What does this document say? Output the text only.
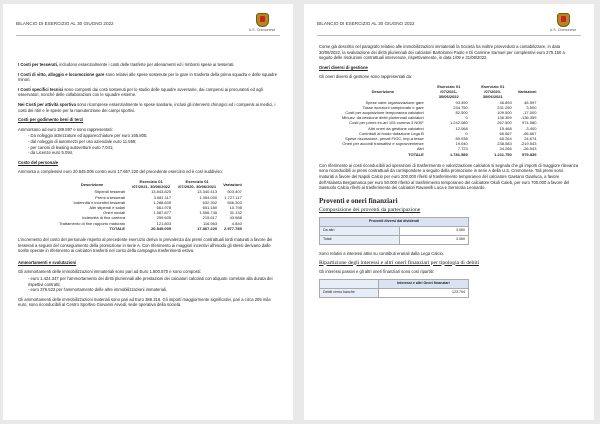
BILANCIO DI ESERCIZIO AL 30 GIUGNO 2022
U.S. Cremonese

I Costi per tesserati, includono essenzialmente i costi delle trasferte per allenamenti ed i rimborsi spese ai tesserati.

I Costi di vitto, alloggio e locomozione gare sono relativi alle spese sostenute per le gare in trasferta della prima squadra e delle squadre minori.

I Costi specifici tecnici sono composti dai costi sostenuti per lo studio delle squadre avversarie, dai compensi ai procuratori ed agli osservatori, nonché delle collaborazioni con le squadre esterne.

Nei Costi per attività sportiva sono ricomprese essenzialmente le spese sanitarie, inclusi gli interventi chirurgici ed i compensi ai medici, i costi dei ritiri e le spese per la manutenzione dei campi sportivi.

Costi per godimento beni di terzi

Ammontano ad euro 189.597 e sono rappresentati:

- Da noleggio attrezzature ed apparecchiature per euro 165.805;

- dal noleggio di automezzi per uso aziendale euro 11.559;

- per canoni di leasing autovetture euro 7.041;

- da Licenze euro 5.094.

Costo del personale

Ammonta a complessivi euro 20.845.005 contro euro 17.667.220 del precedente esercizio ed è così suddiviso:

Descrizione	Esercizio 01 /07/2021- 30/06/2022	Esercizio 01 /07/2020- 30/06/2021	Variazioni
Stipendi tesserati	13.843.820	13.340.413	503.407
Premi a tesserati	3.081.117	1.354.000	1.727.117
Indennità e incentivi tesserati	1.288.605	632.302	656.303
Altri stipendi e salari	661.978	651.180	10.798
Oneri sociali	1.587.877	1.556.745	31.132
Indennità di fine carriera	259.605	215.617	43.988
Trattamento di fine rapporto maturato	121.803	116.963	4.840
TOTALE	20.845.005	17.867.220	2.977.785

L'incremento del costo del personale rispetto al precedente esercizio deriva in prevalenza dai premi contrattuali lordi maturati a favore dei tesserati a seguito del conseguimento della promozione in serie A. Con riferimento ai maggiori incentivi all'esodo gli stessi derivano dalle scelte operate in riferimento ai calciatori trasferiti nel corso della campagna trasferimenti estiva.

Ammortamenti e svalutazioni

Gli ammortamenti delle immobilizzazioni immateriali sono pari ad Euro 1.800.870 e sono composti:

- euro 1.424.347 per l'ammortamento dei diritti pluriennali alle prestazioni dei calciatori calcolati con aliquote correlate alla durata dei rispettivi contratti;

- euro 376.523 per l'ammortamento delle altre immobilizzazioni immateriali.

Gli ammortamenti delle immobilizzazioni materiali sono pari ad Euro 386.316. Gli importi maggiormente significativi, pari a circa 205 mila euro, sono riconducibili al Centro Sportivo Giovanni Arvedi, sede operativa della società.

BILANCIO DI ESERCIZIO AL 30 GIUGNO 2022
U.S. Cremonese

Come già descritto nel paragrafo relativo alle immobilizzazioni immateriali la Società ha inoltre provveduto a contabilizzare, in data 30/06/2022, la svalutazione dei diritti pluriennali dei calciatori Bartolomei Paolo e Di Carmine Samuel per complessivi euro 275.150 a seguito delle risoluzioni contrattuali intervenute, rispettivamente, in data 1/09 e 31/08/2022.

Oneri diversi di gestione

Gli oneri diversi di gestione sono rappresentati da:

Descrizione	Esercizio 01 /07/2021- 30/06/2022	Esercizio 01 /07/2020- 30/06/2021	Variazioni
Spese varie organizzazione gare	93.490	46.893	46.597
Tasse iscrizioni campionato e gare	234.750	231.250	3.500
Costi per acquisizione temporanea calciatori	82.500	109.500	-17.000
Minusv. da cessione diritti pluriennali calciatori	0	136.359	-136.359
Costi per premi ex-art 103 comma 3 NOIF	1.242.080	267.500	974.580
Altri oneri da gestione calciatori	12.068	15.468	-3.400
Contributi al fondo dotazione Lega B	0	66.667	-66.667
Spese riscossione, penali FIGC, imp.a tesse	89.938	65.264	24.674
Oneri per accordi transattivi e sopravvenienze	19.040	238.583	-219.543
Altri	7.723	34.266	-26.543
TOTALE	1.781.589	1.211.750	579.839

Con riferimento ai costi riconducibili ad operazioni di trasferimento e valorizzazione calciatori si segnala che gli importi di maggiore rilevanza sono riconducibili ai premi contrattuali da corrispondere a seguito della promozione in serie A della U.S. Cremonese. Tali premi sono maturati a favore del Napoli Calcio per euro 200.000 riferiti al trasferimento temporaneo del calciatore Gaetano Gianluca, a favore dell'Atalanta Bergamasca per euro 50.000 riferito al trasferimento temporaneo del calciatore Okoli Caleb, per euro 700.000 a favore del Sassuolo Calcio riferiti al trasferimento dei calciatori Ravanelli Luca e Sernicola Leonardo.

Proventi e oneri finanziari
Composizione dei proventi da partecipazione
Proventi diversi dai dividendi	
Da altri	3.060
Totali	3.060

Sono relativi a interessi attivi su contributi erariali dalla Lega Calcio.

Ripartizione degli interessi e altri oneri finanziari per tipologia di debiti

Gli interessi passivi e gli altri oneri finanziari sono così ripartiti:

	Interessi e altri Oneri finanziari
Debiti verso banche	123.794
